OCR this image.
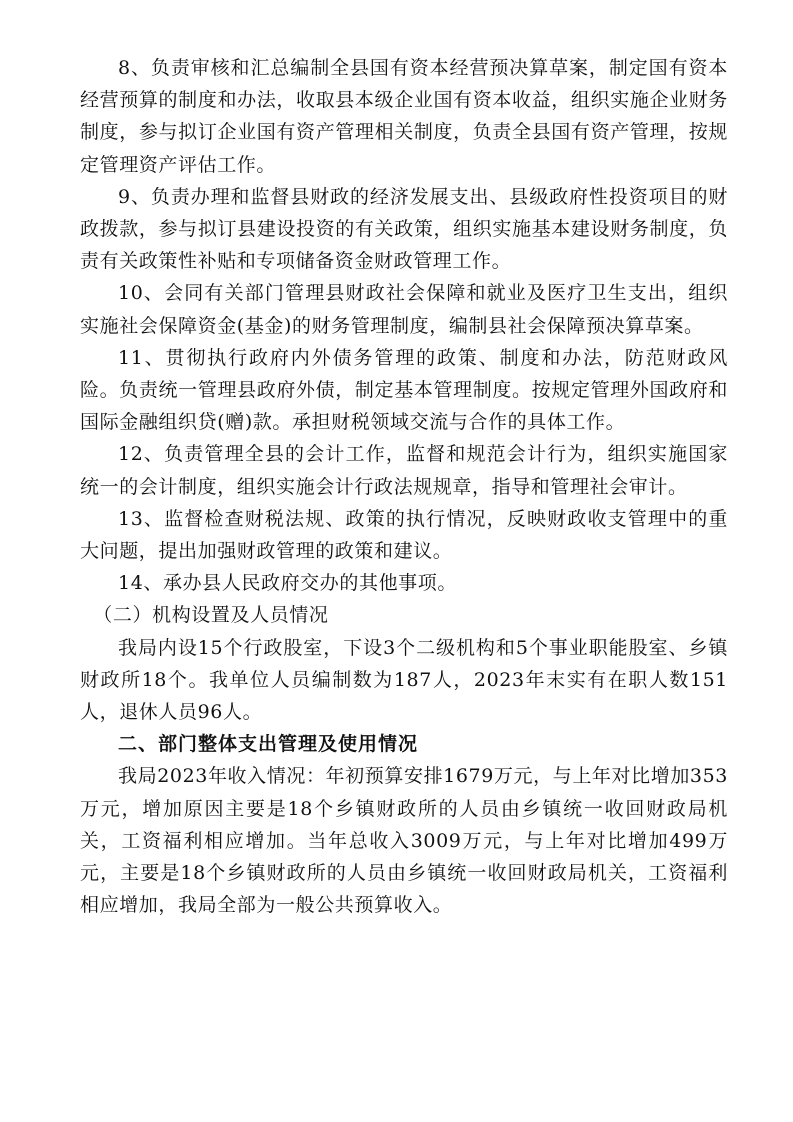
8、负责审核和汇总编制全县国有资本经营预决算草案，制定国有资本经营预算的制度和办法，收取县本级企业国有资本收益，组织实施企业财务制度，参与拟订企业国有资产管理相关制度，负责全县国有资产管理，按规定管理资产评估工作。

9、负责办理和监督县财政的经济发展支出、县级政府性投资项目的财政拨款，参与拟订县建设投资的有关政策，组织实施基本建设财务制度，负责有关政策性补贴和专项储备资金财政管理工作。

10、会同有关部门管理县财政社会保障和就业及医疗卫生支出，组织实施社会保障资金(基金)的财务管理制度，编制县社会保障预决算草案。

11、贯彻执行政府内外债务管理的政策、制度和办法，防范财政风险。负责统一管理县政府外债，制定基本管理制度。按规定管理外国政府和国际金融组织贷(赠)款。承担财税领域交流与合作的具体工作。

12、负责管理全县的会计工作，监督和规范会计行为，组织实施国家统一的会计制度，组织实施会计行政法规规章，指导和管理社会审计。

13、监督检查财税法规、政策的执行情况，反映财政收支管理中的重大问题，提出加强财政管理的政策和建议。

14、承办县人民政府交办的其他事项。

（二）机构设置及人员情况

我局内设15个行政股室，下设3个二级机构和5个事业职能股室、乡镇财政所18个。我单位人员编制数为187人，2023年末实有在职人数151人，退休人员96人。

二、部门整体支出管理及使用情况

我局2023年收入情况：年初预算安排1679万元，与上年对比增加353万元，增加原因主要是18个乡镇财政所的人员由乡镇统一收回财政局机关，工资福利相应增加。当年总收入3009万元，与上年对比增加499万元，主要是18个乡镇财政所的人员由乡镇统一收回财政局机关，工资福利相应增加，我局全部为一般公共预算收入。
